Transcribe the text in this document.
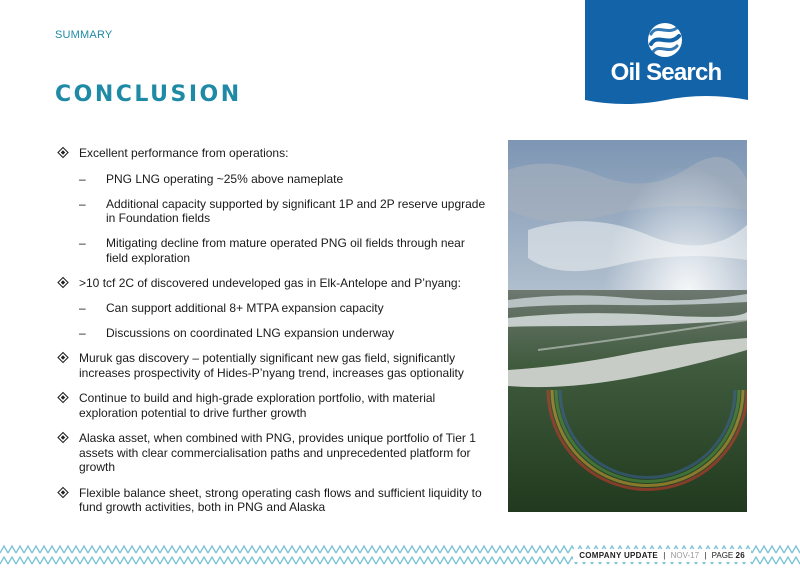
SUMMARY
CONCLUSION
Oil Search
Excellent performance from operations:
– PNG LNG operating ~25% above nameplate
– Additional capacity supported by significant 1P and 2P reserve upgrade in Foundation fields
– Mitigating decline from mature operated PNG oil fields through near field exploration
>10 tcf 2C of discovered undeveloped gas in Elk-Antelope and P’nyang:
– Can support additional 8+ MTPA expansion capacity
– Discussions on coordinated LNG expansion underway
Muruk gas discovery – potentially significant new gas field, significantly increases prospectivity of Hides-P’nyang trend, increases gas optionality
Continue to build and high-grade exploration portfolio, with material exploration potential to drive further growth
Alaska asset, when combined with PNG, provides unique portfolio of Tier 1 assets with clear commercialisation paths and unprecedented platform for growth
Flexible balance sheet, strong operating cash flows and sufficient liquidity to fund growth activities, both in PNG and Alaska
COMPANY UPDATE | NOV-17 | PAGE 26
